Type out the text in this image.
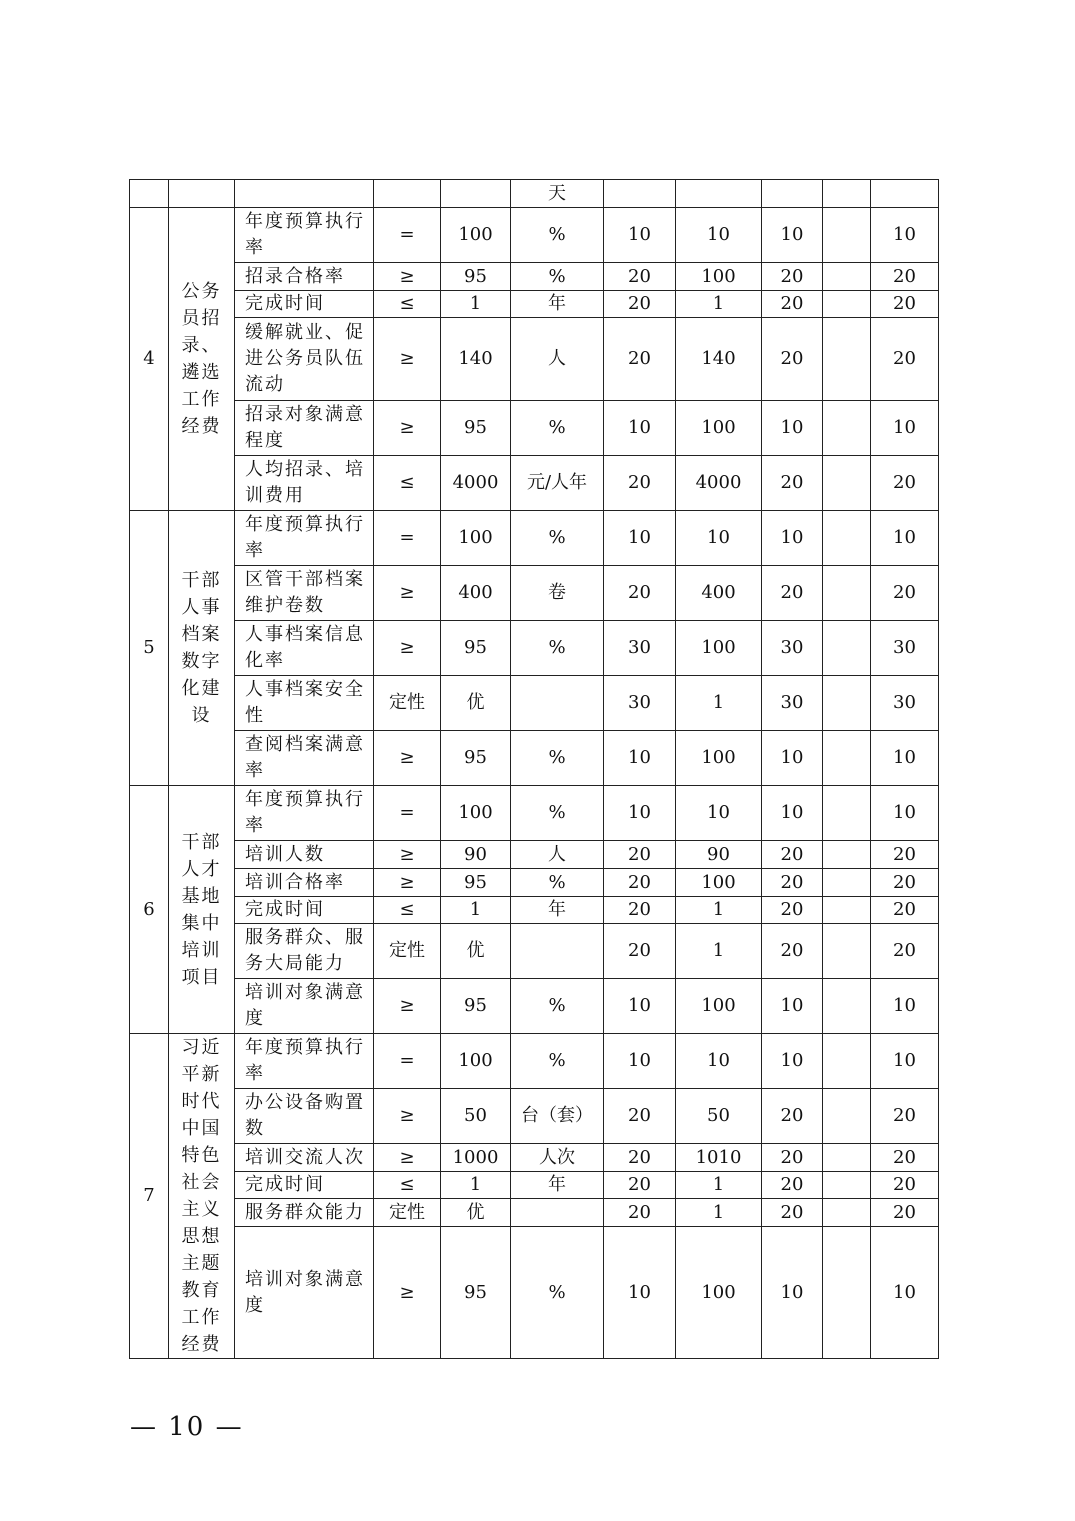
					天					
4	公务员招录、遴选工作经费	年度预算执行率	=	100	%	10	10	10		10
		招录合格率	≥	95	%	20	100	20		20
		完成时间	≤	1	年	20	1	20		20
		缓解就业、促进公务员队伍流动	≥	140	人	20	140	20		20
		招录对象满意程度	≥	95	%	10	100	10		10
		人均招录、培训费用	≤	4000	元/人年	20	4000	20		20
5	干部人事档案数字化建设	年度预算执行率	=	100	%	10	10	10		10
		区管干部档案维护卷数	≥	400	卷	20	400	20		20
		人事档案信息化率	≥	95	%	30	100	30		30
		人事档案安全性	定性	优		30	1	30		30
		查阅档案满意率	≥	95	%	10	100	10		10
6	干部人才基地集中培训项目	年度预算执行率	=	100	%	10	10	10		10
		培训人数	≥	90	人	20	90	20		20
		培训合格率	≥	95	%	20	100	20		20
		完成时间	≤	1	年	20	1	20		20
		服务群众、服务大局能力	定性	优		20	1	20		20
		培训对象满意度	≥	95	%	10	100	10		10
7	习近平新时代中国特色社会主义思想主题教育工作经费	年度预算执行率	=	100	%	10	10	10		10
		办公设备购置数	≥	50	台（套）	20	50	20		20
		培训交流人次	≥	1000	人次	20	1010	20		20
		完成时间	≤	1	年	20	1	20		20
		服务群众能力	定性	优		20	1	20		20
		培训对象满意度	≥	95	%	10	100	10		10
— 10 —
